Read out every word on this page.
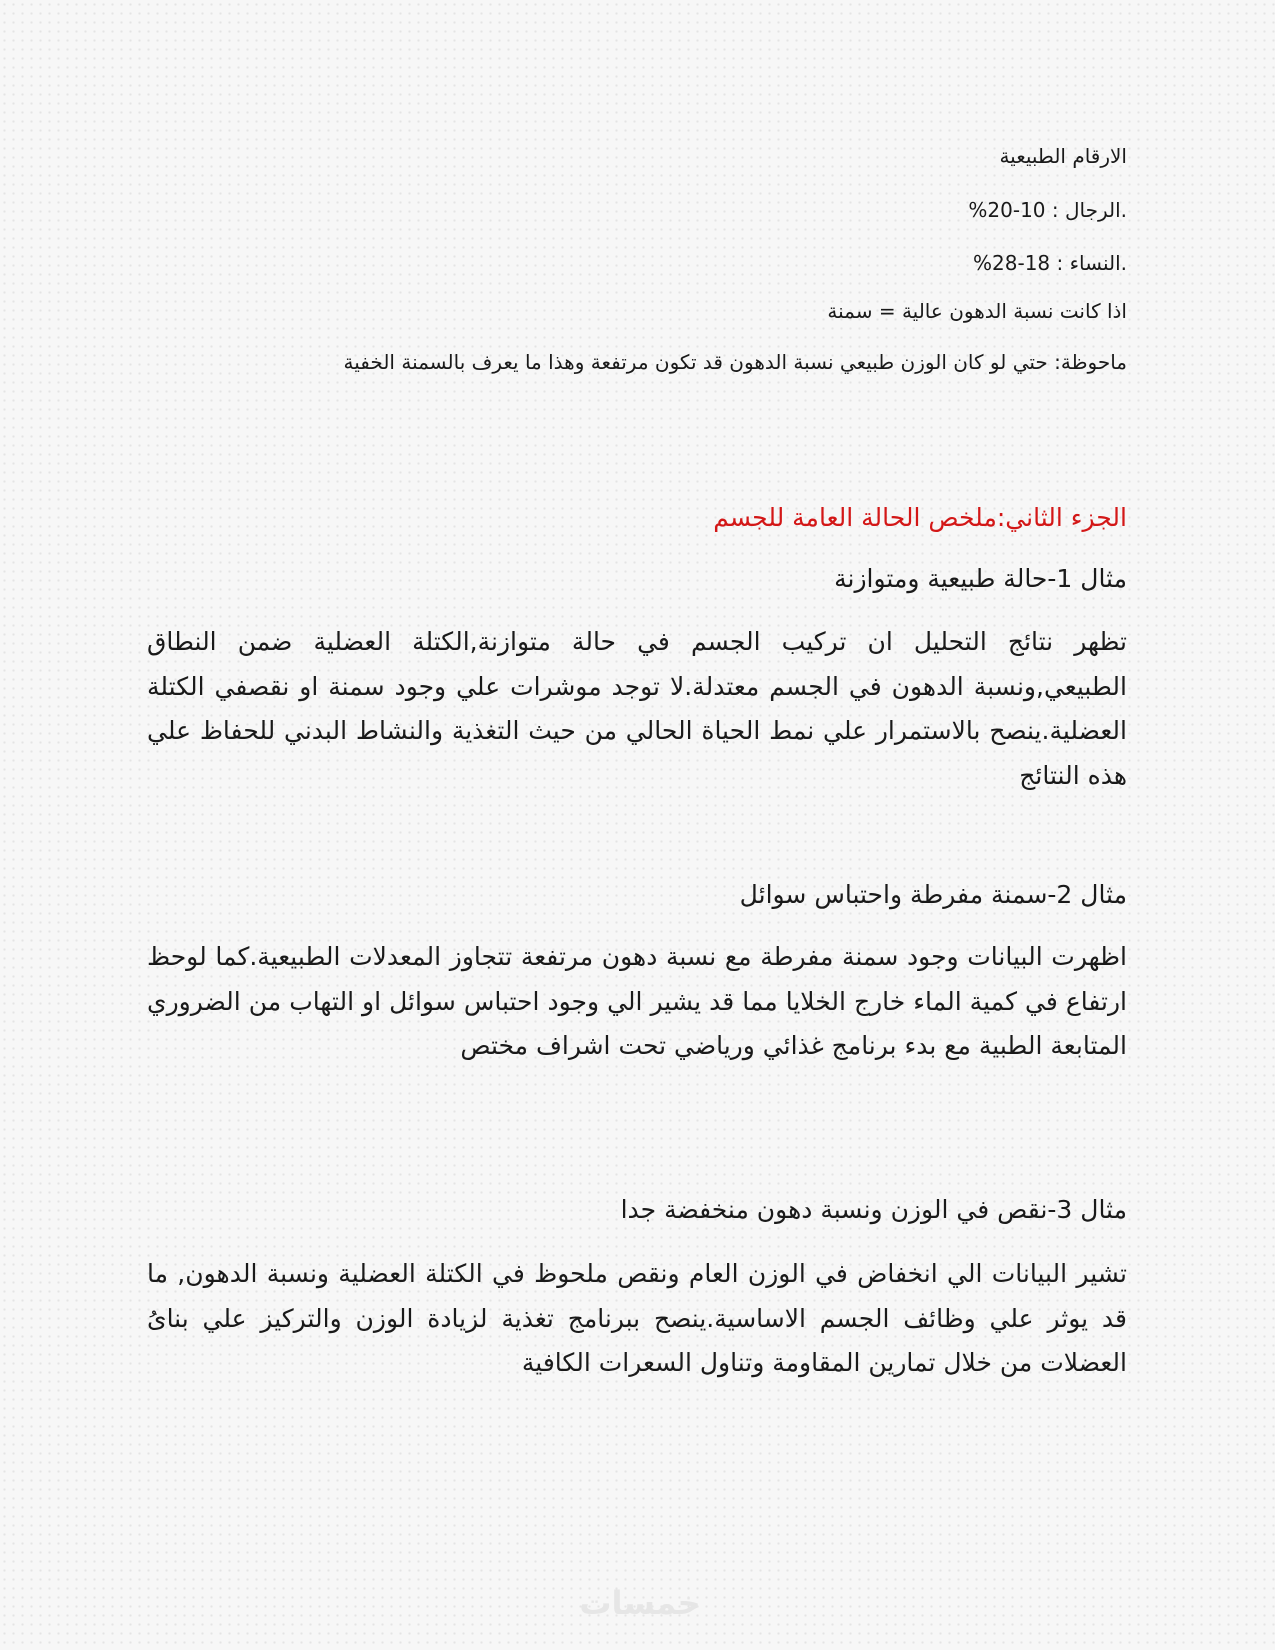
الارقام الطبيعية

.الرجال : 10-20%

.النساء : 18-28%

اذا كانت نسبة الدهون عالية = سمنة

ماحوظة: حتي لو كان الوزن طبيعي نسبة الدهون قد تكون مرتفعة وهذا ما يعرف بالسمنة الخفية

الجزء الثاني:ملخص الحالة العامة للجسم

مثال 1-حالة طبيعية ومتوازنة

تظهر نتائج التحليل ان تركيب الجسم في حالة متوازنة,الكتلة العضلية ضمن النطاق الطبيعي,ونسبة الدهون في الجسم معتدلة.لا توجد موشرات علي وجود سمنة او نقصفي الكتلة العضلية.ينصح بالاستمرار علي نمط الحياة الحالي من حيث التغذية والنشاط البدني للحفاظ علي هذه النتائج

مثال 2-سمنة مفرطة واحتباس سوائل

اظهرت البيانات وجود سمنة مفرطة مع نسبة دهون مرتفعة تتجاوز المعدلات الطبيعية.كما لوحظ ارتفاع في كمية الماء خارج الخلايا مما قد يشير الي وجود احتباس سوائل او التهاب من الضروري المتابعة الطبية مع بدء برنامج غذائي ورياضي تحت اشراف مختص

مثال 3-نقص في الوزن ونسبة دهون منخفضة جدا

تشير البيانات الي انخفاض في الوزن العام ونقص ملحوظ في الكتلة العضلية ونسبة الدهون, ما قد يوثر علي وظائف الجسم الاساسية.ينصح ببرنامج تغذية لزيادة الوزن والتركيز علي بناىُ العضلات من خلال تمارين المقاومة وتناول السعرات الكافية

خمسات
